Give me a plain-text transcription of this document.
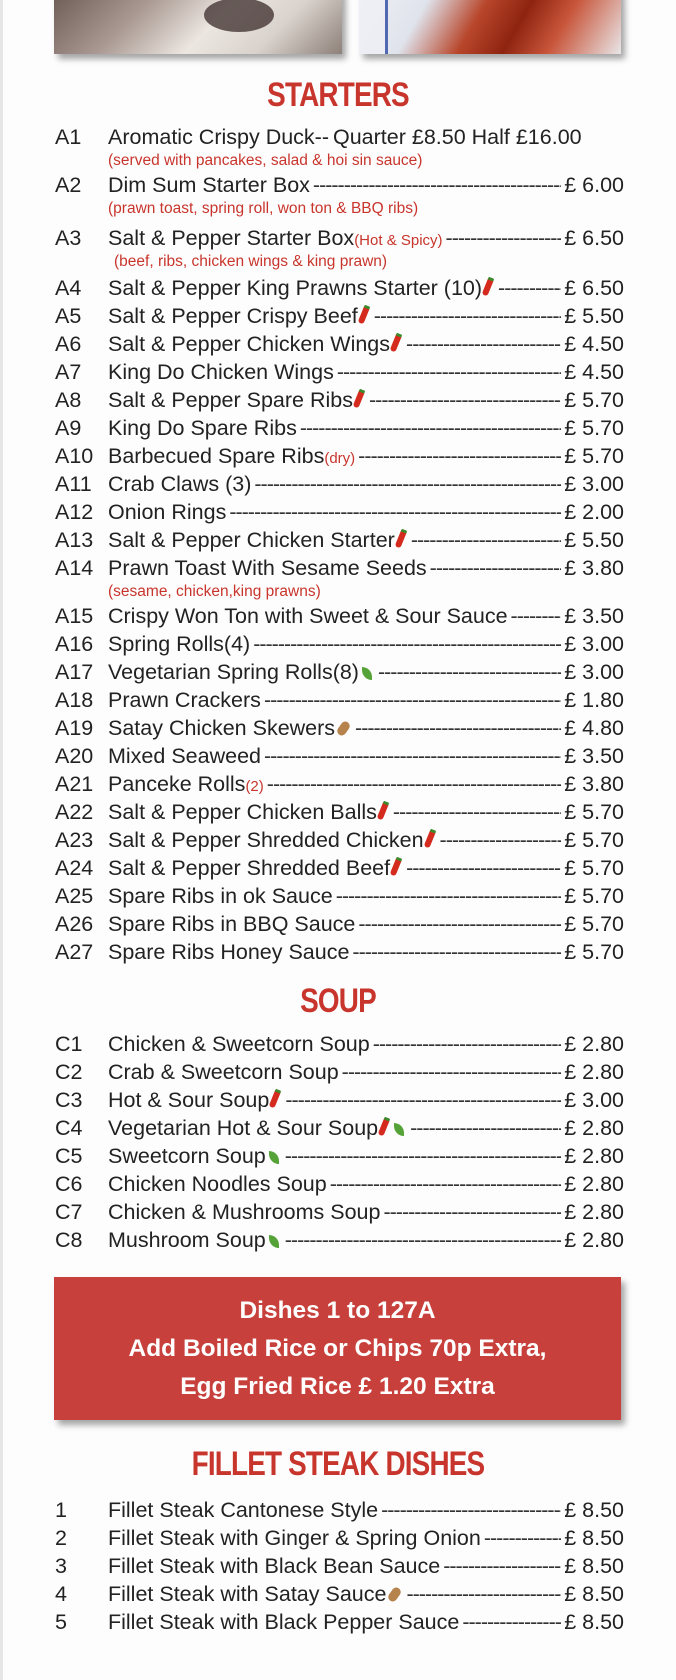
STARTERS
A1 Aromatic Crispy Duck-- Quarter £8.50 Half £16.00
(served with pancakes, salad & hoi sin sauce)
A2 Dim Sum Starter Box -----	£ 6.00
(prawn toast, spring roll, won ton & BBQ ribs)
A3 Salt & Pepper Starter Box(Hot & Spicy) -----	£ 6.50
(beef, ribs, chicken wings & king prawn)
A4 Salt & Pepper King Prawns Starter (10) -----	£ 6.50
A5 Salt & Pepper Crispy Beef -----	£ 5.50
A6 Salt & Pepper Chicken Wings -----	£ 4.50
A7 King Do Chicken Wings -----	£ 4.50
A8 Salt & Pepper Spare Ribs -----	£ 5.70
A9 King Do Spare Ribs -----	£ 5.70
A10 Barbecued Spare Ribs(dry) -----	£ 5.70
A11 Crab Claws (3) -----	£ 3.00
A12 Onion Rings -----	£ 2.00
A13 Salt & Pepper Chicken Starter -----	£ 5.50
A14 Prawn Toast With Sesame Seeds -----	£ 3.80
(sesame, chicken,king prawns)
A15 Crispy Won Ton with Sweet & Sour Sauce -----	£ 3.50
A16 Spring Rolls(4) -----	£ 3.00
A17 Vegetarian Spring Rolls(8) -----	£ 3.00
A18 Prawn Crackers -----	£ 1.80
A19 Satay Chicken Skewers -----	£ 4.80
A20 Mixed Seaweed -----	£ 3.50
A21 Panceke Rolls(2) -----	£ 3.80
A22 Salt & Pepper Chicken Balls -----	£ 5.70
A23 Salt & Pepper Shredded Chicken -----	£ 5.70
A24 Salt & Pepper Shredded Beef -----	£ 5.70
A25 Spare Ribs in ok Sauce -----	£ 5.70
A26 Spare Ribs in BBQ Sauce -----	£ 5.70
A27 Spare Ribs Honey Sauce -----	£ 5.70
SOUP
C1 Chicken & Sweetcorn Soup -----	£ 2.80
C2 Crab & Sweetcorn Soup -----	£ 2.80
C3 Hot & Sour Soup -----	£ 3.00
C4 Vegetarian Hot & Sour Soup -----	£ 2.80
C5 Sweetcorn Soup -----	£ 2.80
C6 Chicken Noodles Soup -----	£ 2.80
C7 Chicken & Mushrooms Soup -----	£ 2.80
C8 Mushroom Soup -----	£ 2.80
Dishes 1 to 127A
Add Boiled Rice or Chips 70p Extra,
Egg Fried Rice £ 1.20 Extra
FILLET STEAK DISHES
1 Fillet Steak Cantonese Style -----	£ 8.50
2 Fillet Steak with Ginger & Spring Onion -----	£ 8.50
3 Fillet Steak with Black Bean Sauce -----	£ 8.50
4 Fillet Steak with Satay Sauce -----	£ 8.50
5 Fillet Steak with Black Pepper Sauce -----	£ 8.50
